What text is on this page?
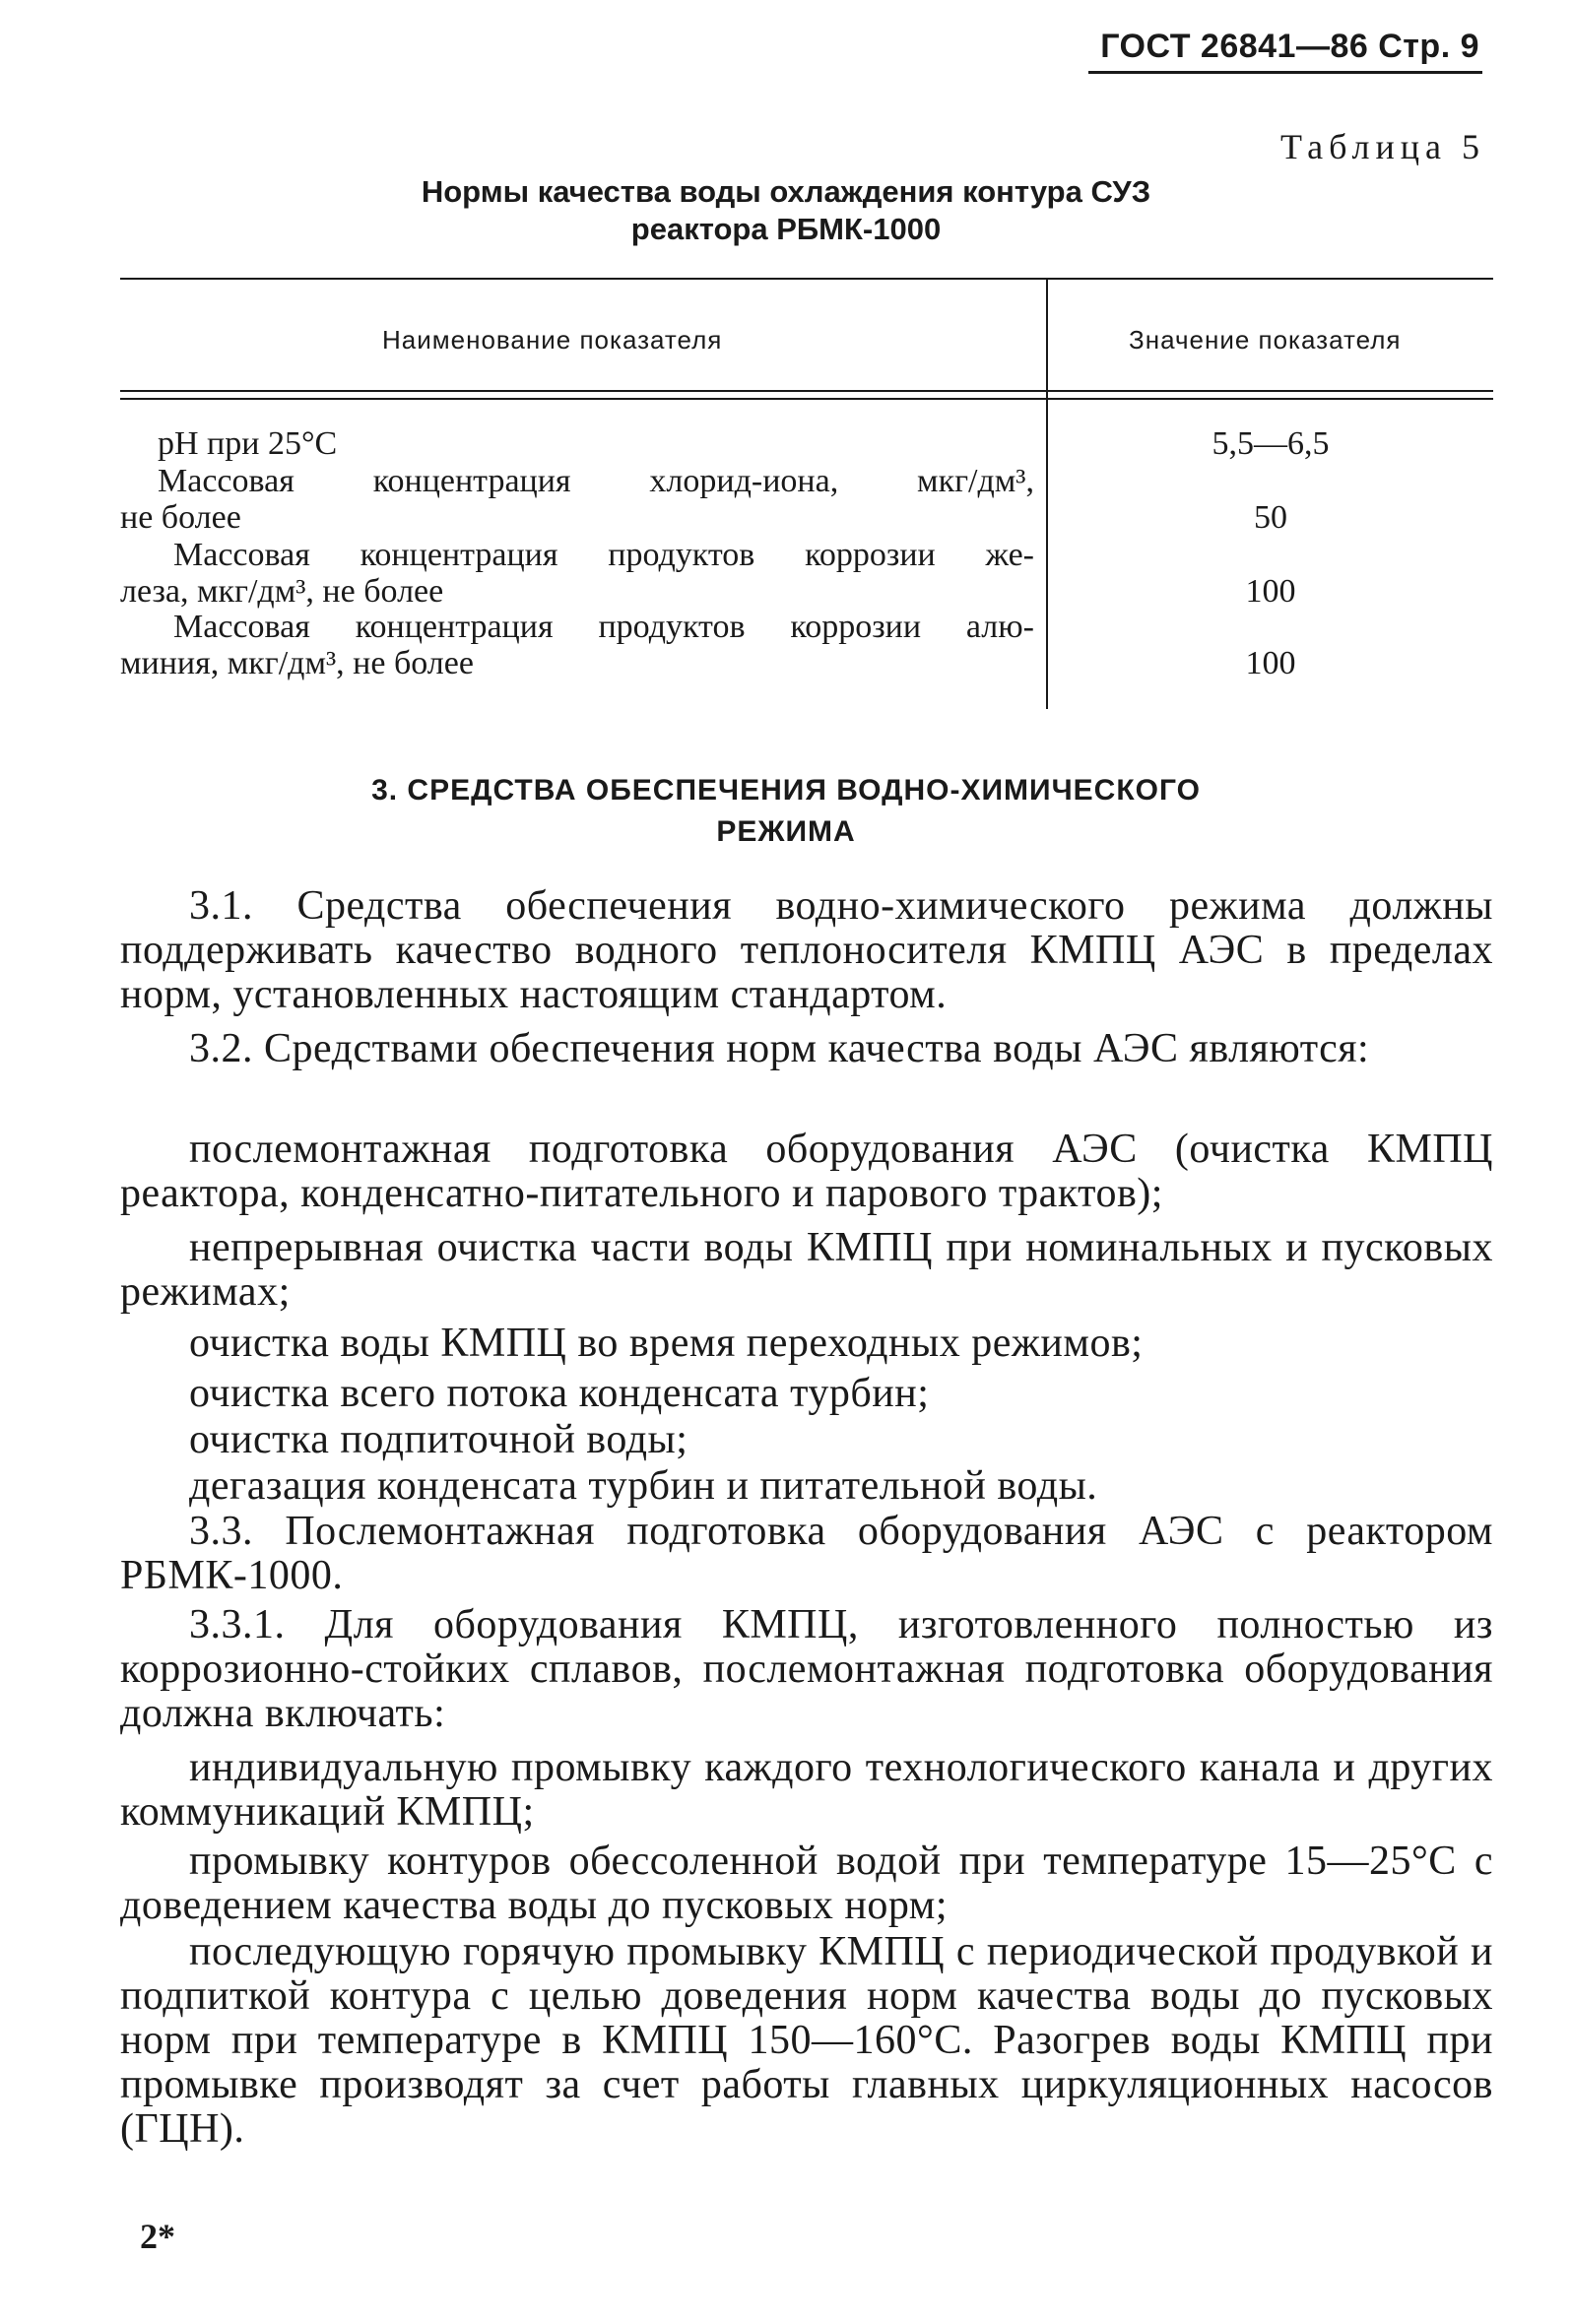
ГОСТ 26841—86 Стр. 9
Таблица 5
Нормы качества воды охлаждения контура СУЗ
реактора РБМК-1000
Наименование показателя	Значение показателя
pH при 25°C	5,5—6,5
Массовая концентрация хлорид-иона, мкг/дм³,
не более	50
Массовая концентрация продуктов коррозии же-
леза, мкг/дм³, не более	100
Массовая концентрация продуктов коррозии алю-
миния, мкг/дм³, не более	100
3. СРЕДСТВА ОБЕСПЕЧЕНИЯ ВОДНО-ХИМИЧЕСКОГО
РЕЖИМА
3.1. Средства обеспечения водно-химического режима должны поддерживать качество водного теплоносителя КМПЦ АЭС в пределах норм, установленных настоящим стандартом.
3.2. Средствами обеспечения норм качества воды АЭС являются:
послемонтажная подготовка оборудования АЭС (очистка КМПЦ реактора, конденсатно-питательного и парового трактов);
непрерывная очистка части воды КМПЦ при номинальных и пусковых режимах;
очистка воды КМПЦ во время переходных режимов;
очистка всего потока конденсата турбин;
очистка подпиточной воды;
дегазация конденсата турбин и питательной воды.
3.3. Послемонтажная подготовка оборудования АЭС с реактором РБМК-1000.
3.3.1. Для оборудования КМПЦ, изготовленного полностью из коррозионно-стойких сплавов, послемонтажная подготовка оборудования должна включать:
индивидуальную промывку каждого технологического канала и других коммуникаций КМПЦ;
промывку контуров обессоленной водой при температуре 15—25°C с доведением качества воды до пусковых норм;
последующую горячую промывку КМПЦ с периодической продувкой и подпиткой контура с целью доведения норм качества воды до пусковых норм при температуре в КМПЦ 150—160°C. Разогрев воды КМПЦ при промывке производят за счет работы главных циркуляционных насосов (ГЦН).
2*
